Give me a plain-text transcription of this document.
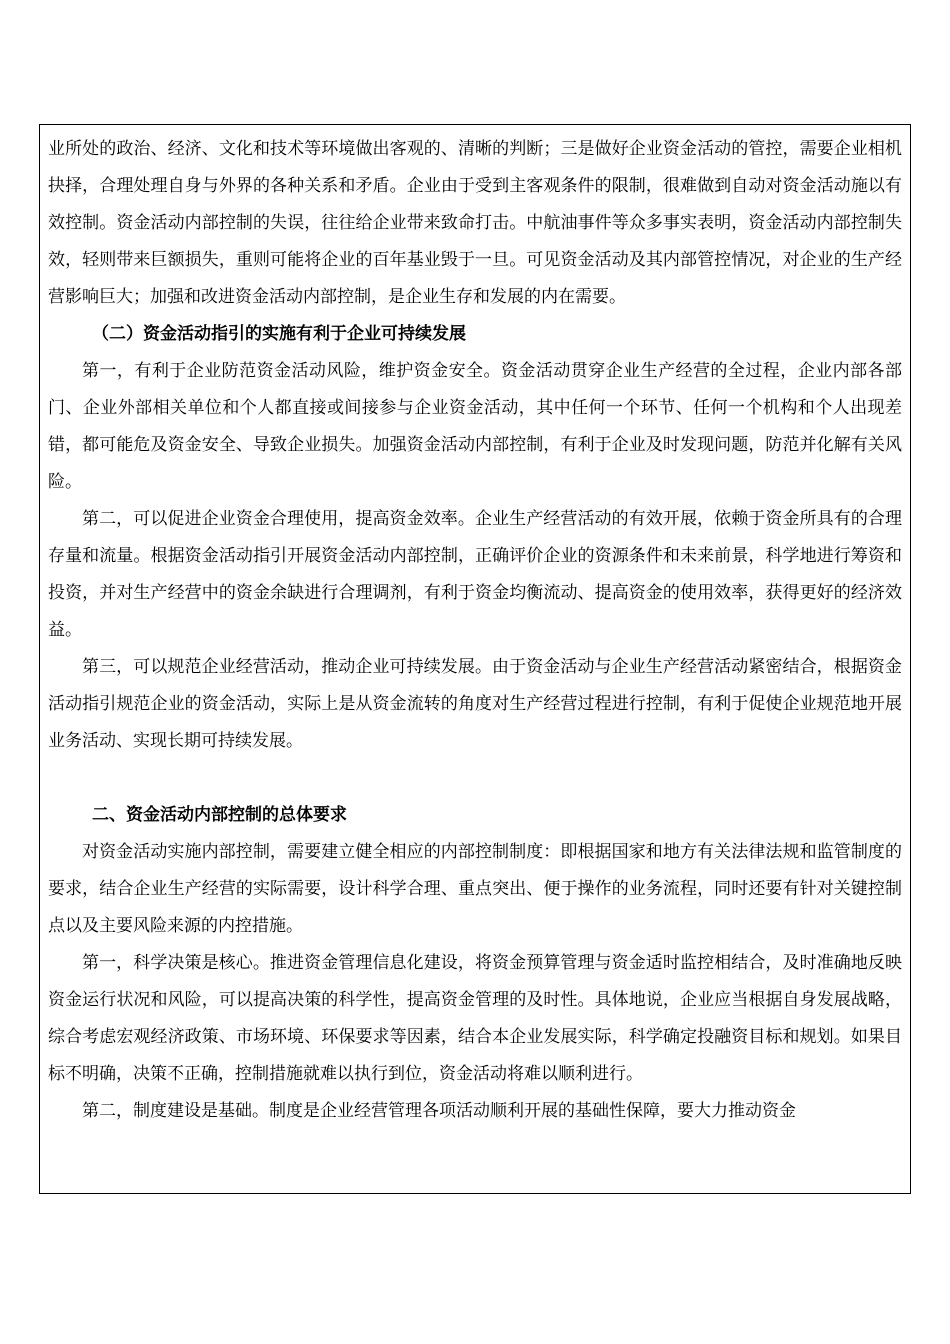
业所处的政治、经济、文化和技术等环境做出客观的、清晰的判断；三是做好企业资金活动的管控，需要企业相机抉择，合理处理自身与外界的各种关系和矛盾。企业由于受到主客观条件的限制，很难做到自动对资金活动施以有效控制。资金活动内部控制的失误，往往给企业带来致命打击。中航油事件等众多事实表明，资金活动内部控制失效，轻则带来巨额损失，重则可能将企业的百年基业毁于一旦。可见资金活动及其内部管控情况，对企业的生产经营影响巨大；加强和改进资金活动内部控制，是企业生存和发展的内在需要。

（二）资金活动指引的实施有利于企业可持续发展

第一，有利于企业防范资金活动风险，维护资金安全。资金活动贯穿企业生产经营的全过程，企业内部各部门、企业外部相关单位和个人都直接或间接参与企业资金活动，其中任何一个环节、任何一个机构和个人出现差错，都可能危及资金安全、导致企业损失。加强资金活动内部控制，有利于企业及时发现问题，防范并化解有关风险。

第二，可以促进企业资金合理使用，提高资金效率。企业生产经营活动的有效开展，依赖于资金所具有的合理存量和流量。根据资金活动指引开展资金活动内部控制，正确评价企业的资源条件和未来前景，科学地进行筹资和投资，并对生产经营中的资金余缺进行合理调剂，有利于资金均衡流动、提高资金的使用效率，获得更好的经济效益。

第三，可以规范企业经营活动，推动企业可持续发展。由于资金活动与企业生产经营活动紧密结合，根据资金活动指引规范企业的资金活动，实际上是从资金流转的角度对生产经营过程进行控制，有利于促使企业规范地开展业务活动、实现长期可持续发展。

二、资金活动内部控制的总体要求

对资金活动实施内部控制，需要建立健全相应的内部控制制度：即根据国家和地方有关法律法规和监管制度的要求，结合企业生产经营的实际需要，设计科学合理、重点突出、便于操作的业务流程，同时还要有针对关键控制点以及主要风险来源的内控措施。

第一，科学决策是核心。推进资金管理信息化建设，将资金预算管理与资金适时监控相结合，及时准确地反映资金运行状况和风险，可以提高决策的科学性，提高资金管理的及时性。具体地说，企业应当根据自身发展战略，综合考虑宏观经济政策、市场环境、环保要求等因素，结合本企业发展实际，科学确定投融资目标和规划。如果目标不明确，决策不正确，控制措施就难以执行到位，资金活动将难以顺利进行。

第二，制度建设是基础。制度是企业经营管理各项活动顺利开展的基础性保障，要大力推动资金
